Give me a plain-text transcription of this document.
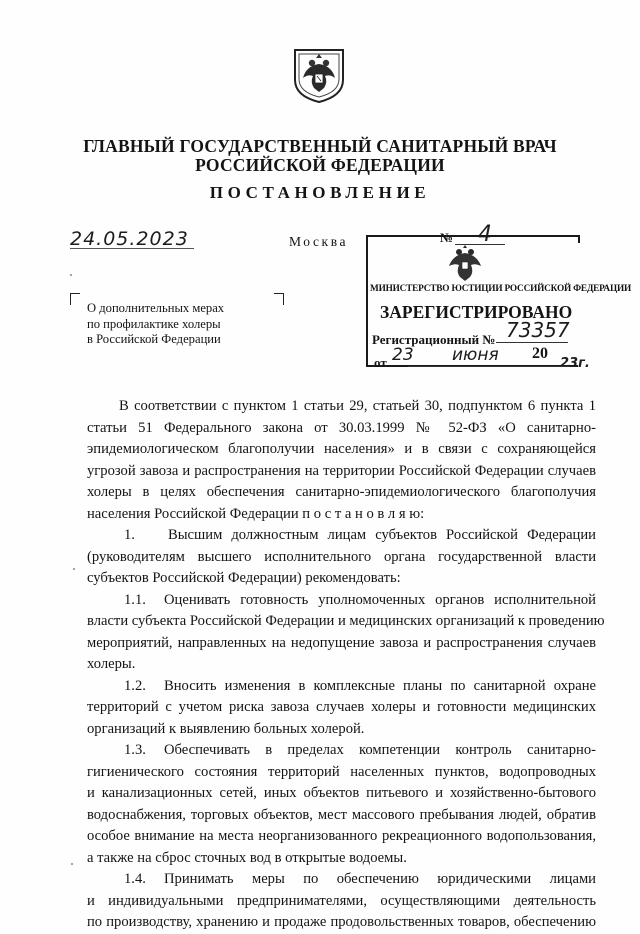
ГЛАВНЫЙ ГОСУДАРСТВЕННЫЙ САНИТАРНЫЙ ВРАЧ
РОССИЙСКОЙ ФЕДЕРАЦИИ
ПОСТАНОВЛЕНИЕ
24.05.2023	Москва	№ 4
МИНИСТЕРСТВО ЮСТИЦИИ РОССИЙСКОЙ ФЕДЕРАЦИИ
ЗАРЕГИСТРИРОВАНО
Регистрационный № 73357
от 23 июня 20
23г.
О дополнительных мерах
по профилактике холеры
в Российской Федерации
В соответствии с пунктом 1 статьи 29, статьей 30, подпунктом 6 пункта 1
статьи 51 Федерального закона от 30.03.1999 № 52-ФЗ «О санитарно-
эпидемиологическом благополучии населения» и в связи с сохраняющейся
угрозой завоза и распространения на территории Российской Федерации случаев
холеры в целях обеспечения санитарно-эпидемиологического благополучия
населения Российской Федерации п о с т а н о в л я ю:
1. Высшим должностным лицам субъектов Российской Федерации
(руководителям высшего исполнительного органа государственной власти
субъектов Российской Федерации) рекомендовать:
1.1. Оценивать готовность уполномоченных органов исполнительной
власти субъекта Российской Федерации и медицинских организаций к проведению
мероприятий, направленных на недопущение завоза и распространения случаев
холеры.
1.2. Вносить изменения в комплексные планы по санитарной охране
территорий с учетом риска завоза случаев холеры и готовности медицинских
организаций к выявлению больных холерой.
1.3. Обеспечивать в пределах компетенции контроль санитарно-
гигиенического состояния территорий населенных пунктов, водопроводных
и канализационных сетей, иных объектов питьевого и хозяйственно-бытового
водоснабжения, торговых объектов, мест массового пребывания людей, обратив
особое внимание на места неорганизованного рекреационного водопользования,
а также на сброс сточных вод в открытые водоемы.
1.4. Принимать меры по обеспечению юридическими лицами
и индивидуальными предпринимателями, осуществляющими деятельность
по производству, хранению и продаже продовольственных товаров, обеспечению
